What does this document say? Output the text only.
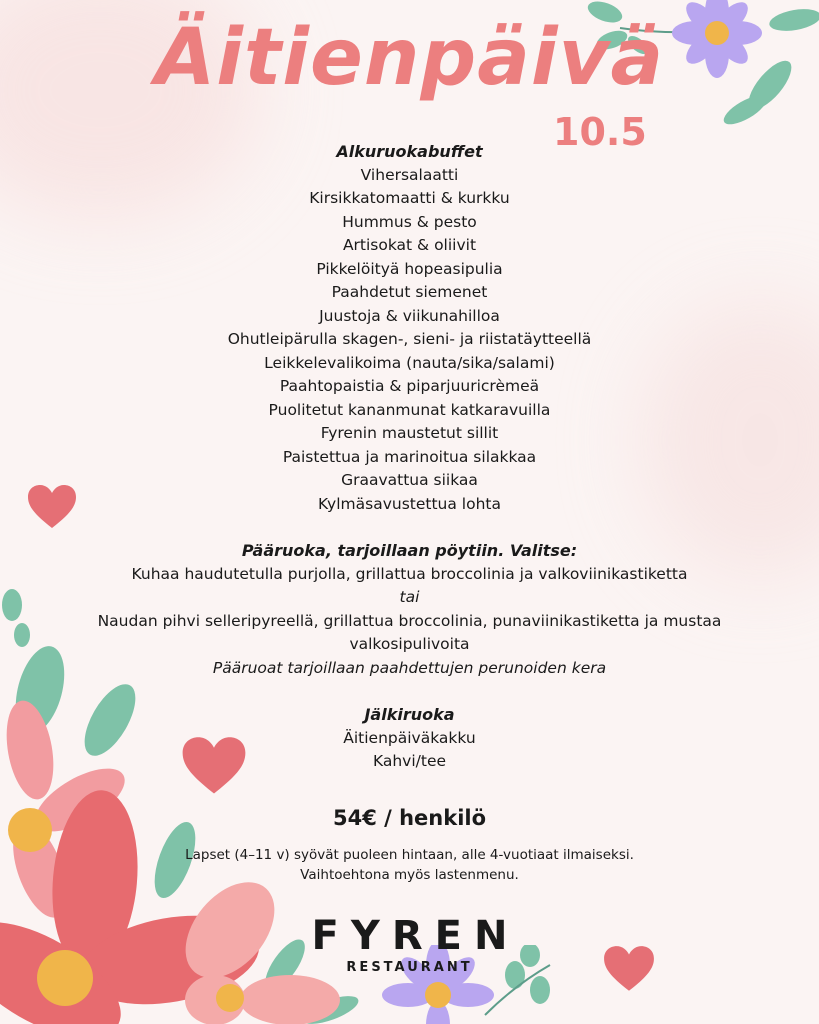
Äitienpäivä
10.5
Alkuruokabuffet
Vihersalaatti
Kirsikkatomaatti & kurkku
Hummus & pesto
Artisokat & oliivit
Pikkelöityä hopeasipulia
Paahdetut siemenet
Juustoja & viikunahilloa
Ohutleipärulla skagen-, sieni- ja riistatäytteellä
Leikkelevalikoima (nauta/sika/salami)
Paahtopaistia & piparjuuricrèmeä
Puolitetut kananmunat katkaravuilla
Fyrenin maustetut sillit
Paistettua ja marinoitua silakkaa
Graavattua siikaa
Kylmäsavustettua lohta
Pääruoka, tarjoillaan pöytiin. Valitse:
Kuhaa haudutetulla purjolla, grillattua broccolinia ja valkoviinikastiketta
tai
Naudan pihvi selleripyreellä, grillattua broccolinia, punaviinikastiketta ja mustaa
valkosipulivoita
Pääruoat tarjoillaan paahdettujen perunoiden kera
Jälkiruoka
Äitienpäiväkakku
Kahvi/tee
54€ / henkilö
Lapset (4–11 v) syövät puoleen hintaan, alle 4-vuotiaat ilmaiseksi.
Vaihtoehtona myös lastenmenu.
FYREN
RESTAURANT
